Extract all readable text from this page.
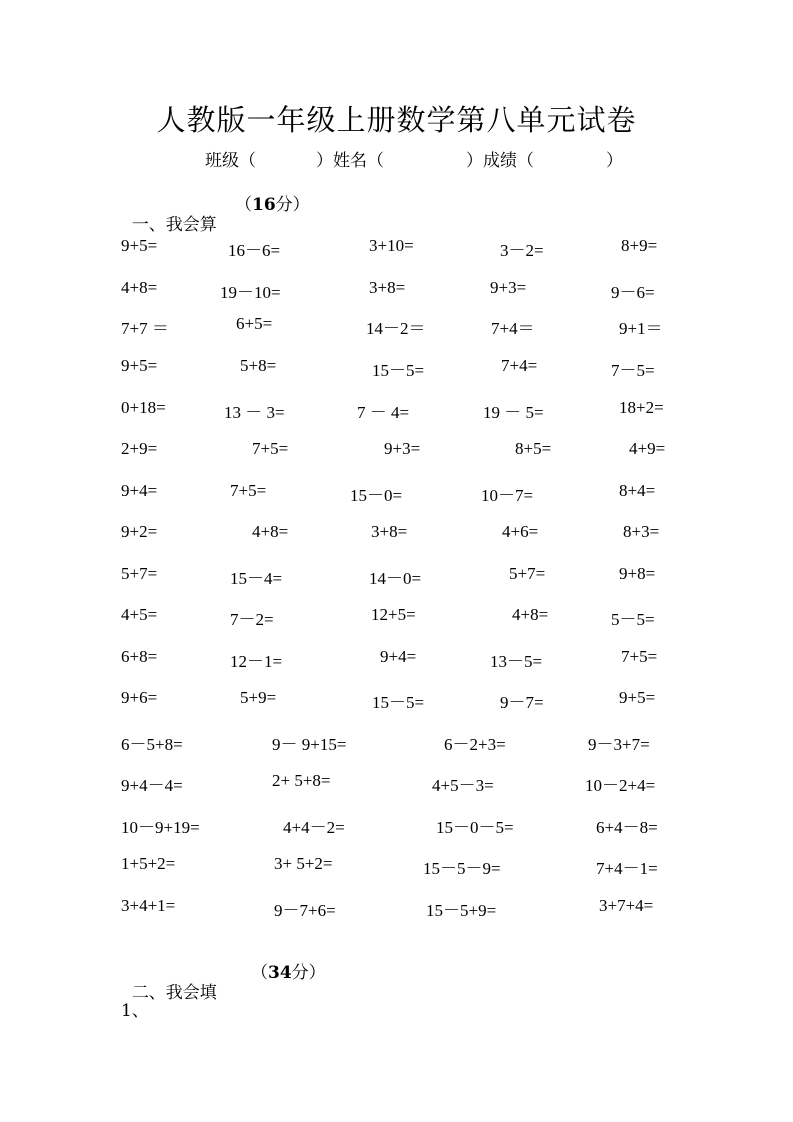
人教版一年级上册数学第八单元试卷
班级（	）姓名（	）成绩（	）

一、我会算

（16分）

9+5=	16－6=	3+10=	3－2=	8+9=
4+8=	19－10=	3+8=	9+3=	9－6=
7+7 ＝	6+5=	14－2＝	7+4＝	9+1＝
9+5=	5+8=	15－5=	7+4=	7－5=
0+18=	13 － 3=	7 － 4=	19 － 5=	18+2=
2+9=	7+5=	9+3=	8+5=	4+9=
9+4=	7+5=	15－0=	10－7=	8+4=
9+2=	4+8=	3+8=	4+6=	8+3=
5+7=	15－4=	14－0=	5+7=	9+8=
4+5=	7－2=	12+5=	4+8=	5－5=
6+8=	12－1=	9+4=	13－5=	7+5=
9+6=	5+9=	15－5=	9－7=	9+5=
6－5+8=	9－ 9+15=	6－2+3=	9－3+7=
9+4－4=	2+ 5+8=	4+5－3=	10－2+4=
10－9+19=	4+4－2=	15－0－5=	6+4－8=
1+5+2=	3+ 5+2=	15－5－9=	7+4－1=
3+4+1=	9－7+6=	15－5+9=	3+7+4=

二、我会填

（34分）

1、
